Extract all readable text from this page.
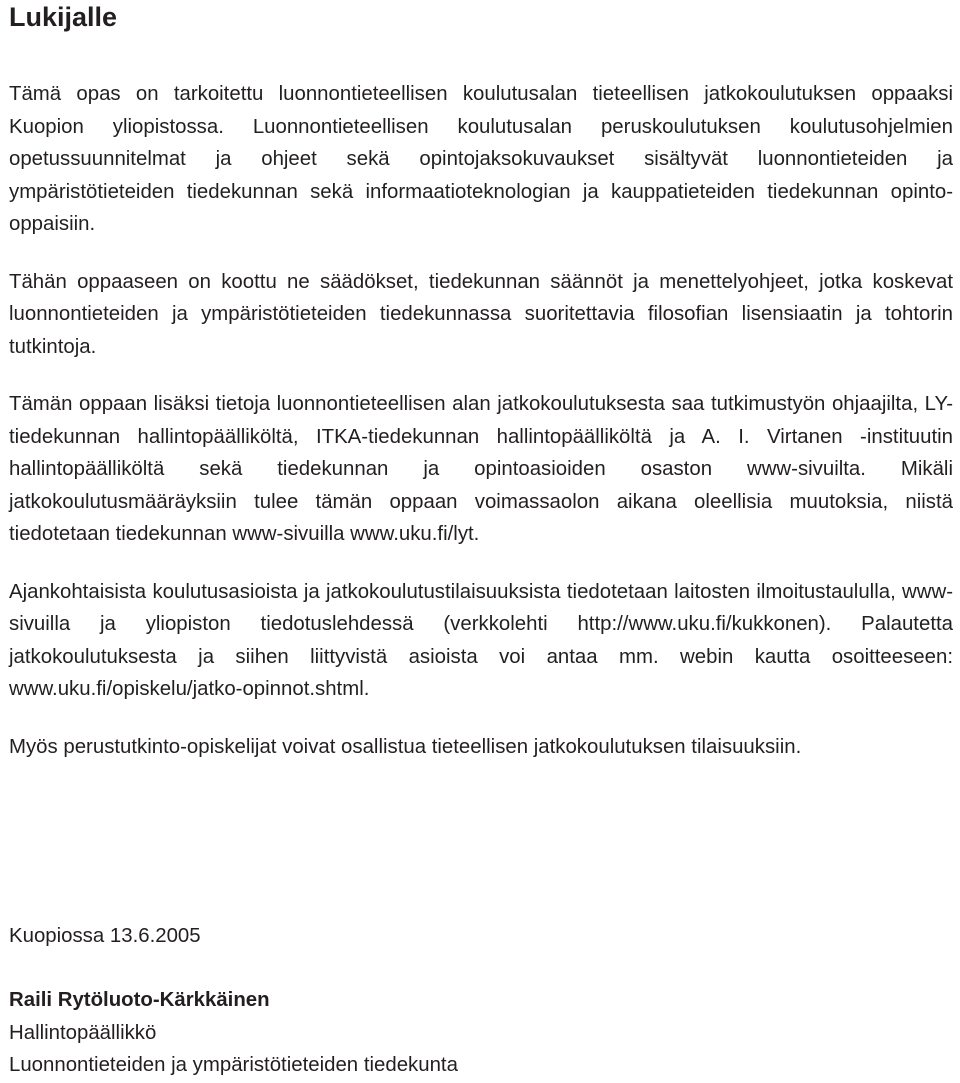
Lukijalle

Tämä opas on tarkoitettu luonnontieteellisen koulutusalan tieteellisen jatkokoulutuksen oppaaksi Kuopion yliopistossa. Luonnontieteellisen koulutusalan peruskoulutuksen koulutusohjelmien opetussuunnitelmat ja ohjeet sekä opintojaksokuvaukset sisältyvät luonnontieteiden ja ympäristötieteiden tiedekunnan sekä informaatioteknologian ja kauppatieteiden tiedekunnan opinto-oppaisiin.

Tähän oppaaseen on koottu ne säädökset, tiedekunnan säännöt ja menettelyohjeet, jotka koskevat luonnontieteiden ja ympäristötieteiden tiedekunnassa suoritettavia filosofian lisensiaatin ja tohtorin tutkintoja.

Tämän oppaan lisäksi tietoja luonnontieteellisen alan jatkokoulutuksesta saa tutkimustyön ohjaajilta, LY-tiedekunnan hallintopäälliköltä, ITKA-tiedekunnan hallintopäälliköltä ja A. I. Virtanen -instituutin hallintopäälliköltä sekä tiedekunnan ja opintoasioiden osaston www-sivuilta. Mikäli jatkokoulutusmääräyksiin tulee tämän oppaan voimassaolon aikana oleellisia muutoksia, niistä tiedotetaan tiedekunnan www-sivuilla www.uku.fi/lyt.

Ajankohtaisista koulutusasioista ja jatkokoulutustilaisuuksista tiedotetaan laitosten ilmoitustaululla, www-sivuilla ja yliopiston tiedotuslehdessä (verkkolehti http://www.uku.fi/kukkonen). Palautetta jatkokoulutuksesta ja siihen liittyvistä asioista voi antaa mm. webin kautta osoitteeseen: www.uku.fi/opiskelu/jatko-opinnot.shtml.

Myös perustutkinto-opiskelijat voivat osallistua tieteellisen jatkokoulutuksen tilaisuuksiin.

Kuopiossa 13.6.2005
Raili Rytöluoto-Kärkkäinen
Hallintopäällikkö
Luonnontieteiden ja ympäristötieteiden tiedekunta
